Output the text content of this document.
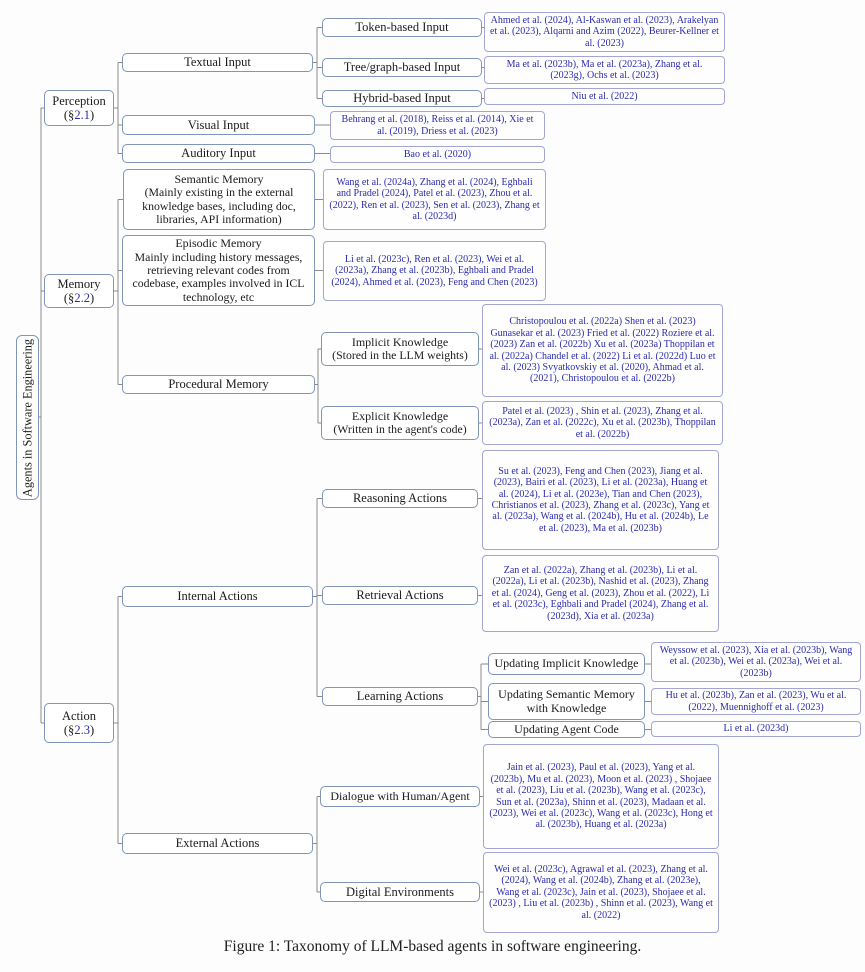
Agents in Software Engineering
Perception
(§2.1)
Memory
(§2.2)
Action
(§2.3)
Textual Input
Token-based Input
Tree/graph-based Input
Hybrid-based Input
Visual Input
Auditory Input
Ahmed et al. (2024), Al-Kaswan et al. (2023), Arakelyan et al. (2023), Alqarni and Azim (2022), Beurer-Kellner et al. (2023)
Ma et al. (2023b), Ma et al. (2023a), Zhang et al. (2023g), Ochs et al. (2023)
Niu et al. (2022)
Behrang et al. (2018), Reiss et al. (2014), Xie et al. (2019), Driess et al. (2023)
Bao et al. (2020)
Semantic Memory
(Mainly existing in the external knowledge bases, including doc, libraries, API information)
Episodic Memory
Mainly including history messages, retrieving relevant codes from codebase, examples involved in ICL technology, etc
Procedural Memory
Implicit Knowledge
(Stored in the LLM weights)
Explicit Knowledge
(Written in the agent's code)
Wang et al. (2024a), Zhang et al. (2024), Eghbali and Pradel (2024), Patel et al. (2023), Zhou et al. (2022), Ren et al. (2023), Sen et al. (2023), Zhang et al. (2023d)
Li et al. (2023c), Ren et al. (2023), Wei et al. (2023a), Zhang et al. (2023b), Eghbali and Pradel (2024), Ahmed et al. (2023), Feng and Chen (2023)
Christopoulou et al. (2022a) Shen et al. (2023) Gunasekar et al. (2023) Fried et al. (2022) Roziere et al. (2023) Zan et al. (2022b) Xu et al. (2023a) Thoppilan et al. (2022a) Chandel et al. (2022) Li et al. (2022d) Luo et al. (2023) Svyatkovskiy et al. (2020), Ahmad et al. (2021), Christopoulou et al. (2022b)
Patel et al. (2023) , Shin et al. (2023), Zhang et al. (2023a), Zan et al. (2022c), Xu et al. (2023b), Thoppilan et al. (2022b)
Internal Actions
Reasoning Actions
Retrieval Actions
Learning Actions
Updating Implicit Knowledge
Updating Semantic Memory with Knowledge
Updating Agent Code
External Actions
Dialogue with Human/Agent
Digital Environments
Su et al. (2023), Feng and Chen (2023), Jiang et al. (2023), Bairi et al. (2023), Li et al. (2023a), Huang et al. (2024), Li et al. (2023e), Tian and Chen (2023), Christianos et al. (2023), Zhang et al. (2023c), Yang et al. (2023a), Wang et al. (2024b), Hu et al. (2024b), Le et al. (2023), Ma et al. (2023b)
Zan et al. (2022a), Zhang et al. (2023b), Li et al. (2022a), Li et al. (2023b), Nashid et al. (2023), Zhang et al. (2024), Geng et al. (2023), Zhou et al. (2022), Li et al. (2023c), Eghbali and Pradel (2024), Zhang et al. (2023d), Xia et al. (2023a)
Weyssow et al. (2023), Xia et al. (2023b), Wang et al. (2023b), Wei et al. (2023a), Wei et al. (2023b)
Hu et al. (2023b), Zan et al. (2023), Wu et al. (2022), Muennighoff et al. (2023)
Li et al. (2023d)
Jain et al. (2023), Paul et al. (2023), Yang et al. (2023b), Mu et al. (2023), Moon et al. (2023) , Shojaee et al. (2023), Liu et al. (2023b), Wang et al. (2023c), Sun et al. (2023a), Shinn et al. (2023), Madaan et al. (2023), Wei et al. (2023c), Wang et al. (2023c), Hong et al. (2023b), Huang et al. (2023a)
Wei et al. (2023c), Agrawal et al. (2023), Zhang et al. (2024), Wang et al. (2024b), Zhang et al. (2023e), Wang et al. (2023c), Jain et al. (2023), Shojaee et al. (2023) , Liu et al. (2023b) , Shinn et al. (2023), Wang et al. (2022)
Figure 1: Taxonomy of LLM-based agents in software engineering.
